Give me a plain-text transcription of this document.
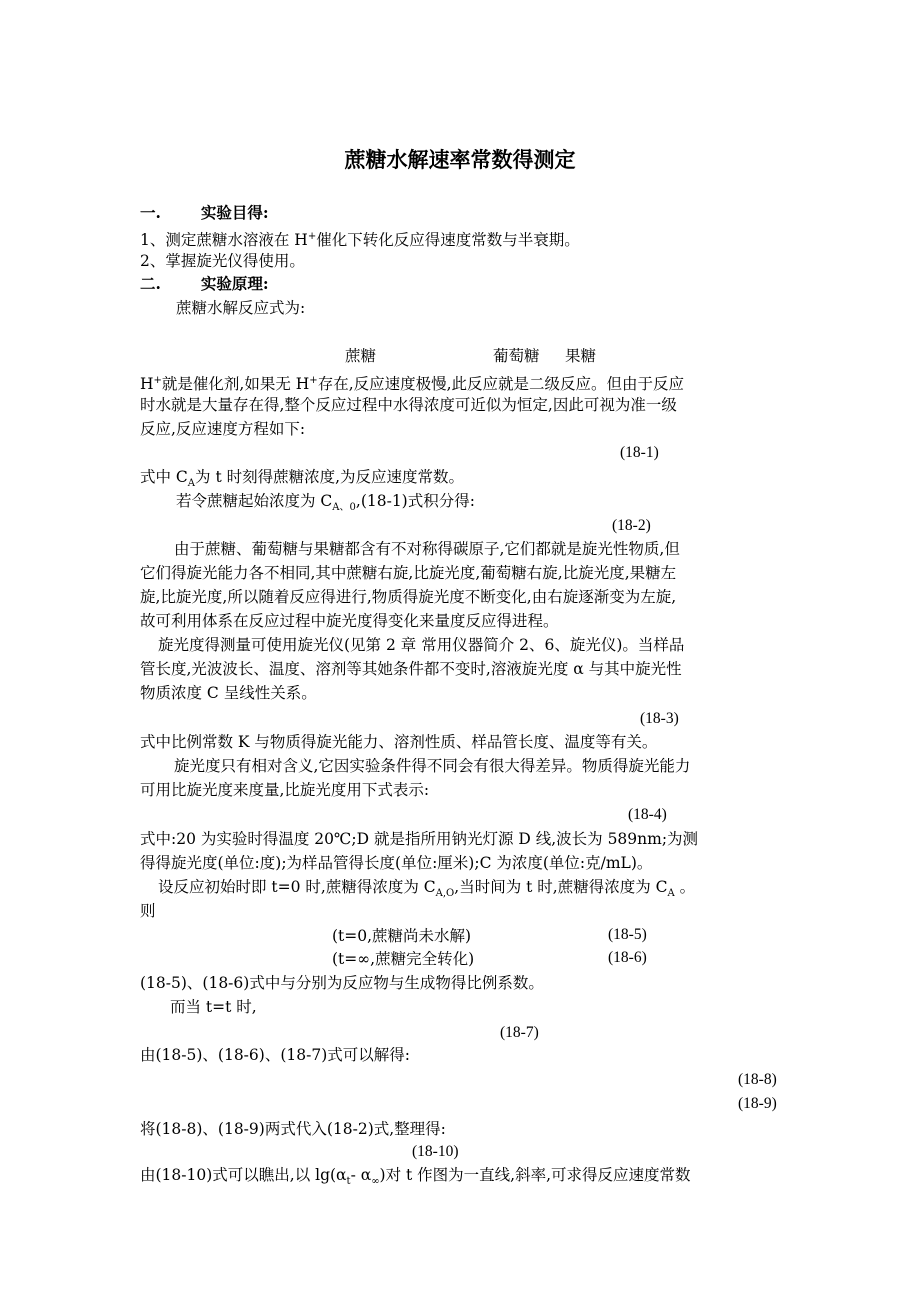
蔗糖水解速率常数得测定
一.	实验目得:
1、测定蔗糖水溶液在 H+催化下转化反应得速度常数与半衰期。
2、掌握旋光仪得使用。
二.	实验原理:
蔗糖水解反应式为:
蔗糖	葡萄糖 果糖
H+就是催化剂,如果无 H+存在,反应速度极慢,此反应就是二级反应。但由于反应
时水就是大量存在得,整个反应过程中水得浓度可近似为恒定,因此可视为准一级
反应,反应速度方程如下:
(18-1)
式中 $C_A$为 t 时刻得蔗糖浓度,为反应速度常数。
若令蔗糖起始浓度为 $C_{A、0},(18-1)$式积分得:
(18-2)
由于蔗糖、葡萄糖与果糖都含有不对称得碳原子,它们都就是旋光性物质,但
它们得旋光能力各不相同,其中蔗糖右旋,比旋光度,葡萄糖右旋,比旋光度,果糖左
旋,比旋光度,所以随着反应得进行,物质得旋光度不断变化,由右旋逐渐变为左旋,
故可利用体系在反应过程中旋光度得变化来量度反应得进程。
旋光度得测量可使用旋光仪(见第 2 章 常用仪器简介 2、6、旋光仪)。当样品
管长度,光波波长、温度、溶剂等其她条件都不变时,溶液旋光度 α 与其中旋光性
物质浓度 C 呈线性关系。
(18-3)
式中比例常数 K 与物质得旋光能力、溶剂性质、样品管长度、温度等有关。
旋光度只有相对含义,它因实验条件得不同会有很大得差异。物质得旋光能力
可用比旋光度来度量,比旋光度用下式表示:
(18-4)
式中:20 为实验时得温度 20℃;D 就是指所用钠光灯源 D 线,波长为 589nm;为测
得得旋光度(单位:度);为样品管得长度(单位:厘米);C 为浓度(单位:克/mL)。
设反应初始时即 t=0 时,蔗糖得浓度为 $C_{A,O}$,当时间为 t 时,蔗糖得浓度为 $C_A$ 。
则
(t=0,蔗糖尚未水解)	(18-5)
(t=∞,蔗糖完全转化)	(18-6)
(18-5)、(18-6)式中与分别为反应物与生成物得比例系数。
而当 t=t 时,
(18-7)
由(18-5)、(18-6)、(18-7)式可以解得:
(18-8)
(18-9)
将(18-8)、(18-9)两式代入(18-2)式,整理得:
(18-10)
由(18-10)式可以瞧出,以 $\lg(\alpha_t-$ $\alpha_\infty$)对 t 作图为一直线,斜率,可求得反应速度常数
